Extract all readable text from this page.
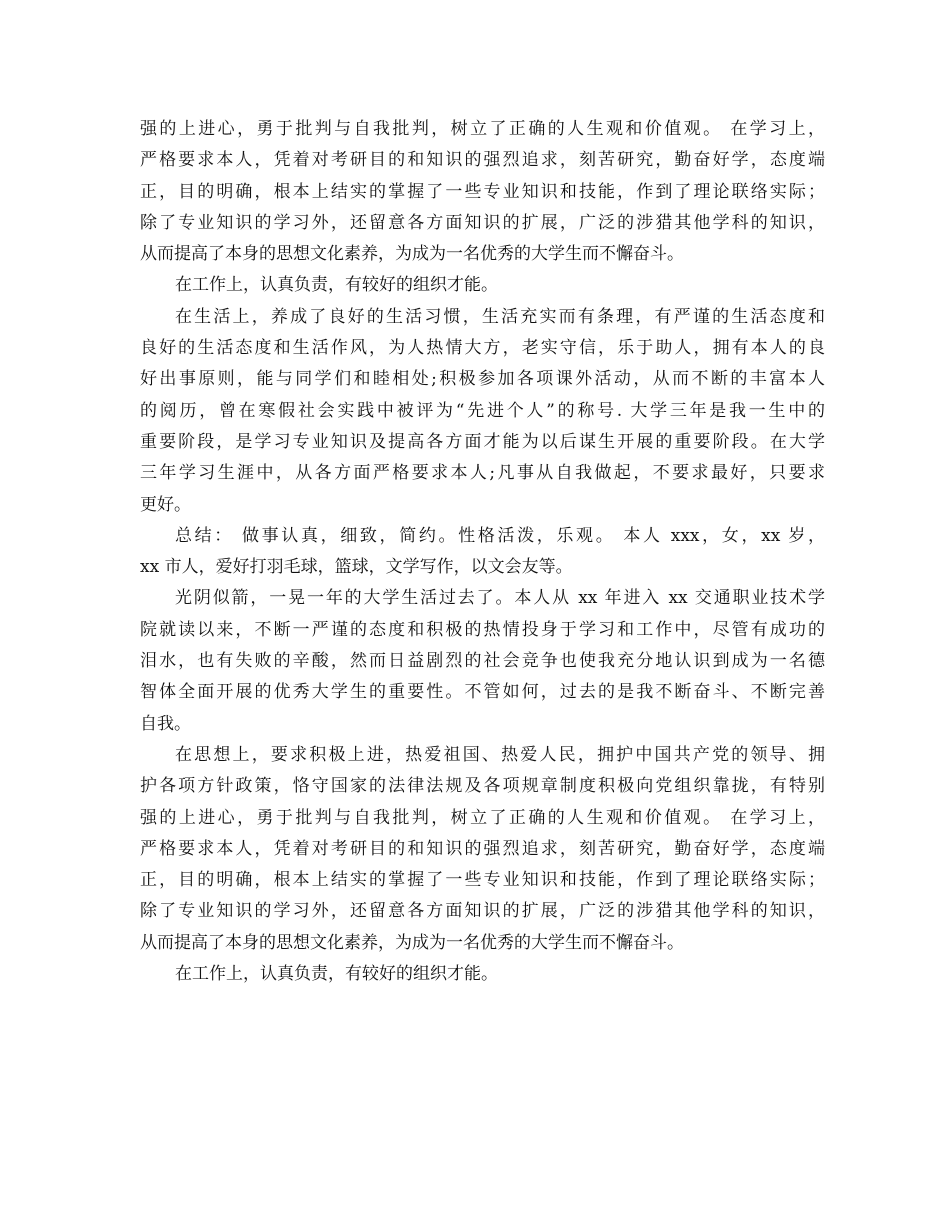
强的上进心，勇于批判与自我批判，树立了正确的人生观和价值观。 在学习上，
严格要求本人，凭着对考研目的和知识的强烈追求，刻苦研究，勤奋好学，态度端
正，目的明确，根本上结实的掌握了一些专业知识和技能，作到了理论联络实际；
除了专业知识的学习外，还留意各方面知识的扩展，广泛的涉猎其他学科的知识，
从而提高了本身的思想文化素养，为成为一名优秀的大学生而不懈奋斗。
在工作上，认真负责，有较好的组织才能。
在生活上，养成了良好的生活习惯，生活充实而有条理，有严谨的生活态度和
良好的生活态度和生活作风，为人热情大方，老实守信，乐于助人，拥有本人的良
好出事原则，能与同学们和睦相处;积极参加各项课外活动，从而不断的丰富本人
的阅历，曾在寒假社会实践中被评为“先进个人”的称号. 大学三年是我一生中的
重要阶段，是学习专业知识及提高各方面才能为以后谋生开展的重要阶段。在大学
三年学习生涯中，从各方面严格要求本人;凡事从自我做起，不要求最好，只要求
更好。
总结： 做事认真，细致，简约。性格活泼，乐观。 本人 xxx，女，xx 岁，
xx 市人，爱好打羽毛球，篮球，文学写作，以文会友等。
光阴似箭，一晃一年的大学生活过去了。本人从 xx 年进入 xx 交通职业技术学
院就读以来，不断一严谨的态度和积极的热情投身于学习和工作中，尽管有成功的
泪水，也有失败的辛酸，然而日益剧烈的社会竞争也使我充分地认识到成为一名德
智体全面开展的优秀大学生的重要性。不管如何，过去的是我不断奋斗、不断完善
自我。
在思想上，要求积极上进，热爱祖国、热爱人民，拥护中国共产党的领导、拥
护各项方针政策，恪守国家的法律法规及各项规章制度积极向党组织靠拢，有特别
强的上进心，勇于批判与自我批判，树立了正确的人生观和价值观。 在学习上，
严格要求本人，凭着对考研目的和知识的强烈追求，刻苦研究，勤奋好学，态度端
正，目的明确，根本上结实的掌握了一些专业知识和技能，作到了理论联络实际；
除了专业知识的学习外，还留意各方面知识的扩展，广泛的涉猎其他学科的知识，
从而提高了本身的思想文化素养，为成为一名优秀的大学生而不懈奋斗。
在工作上，认真负责，有较好的组织才能。
